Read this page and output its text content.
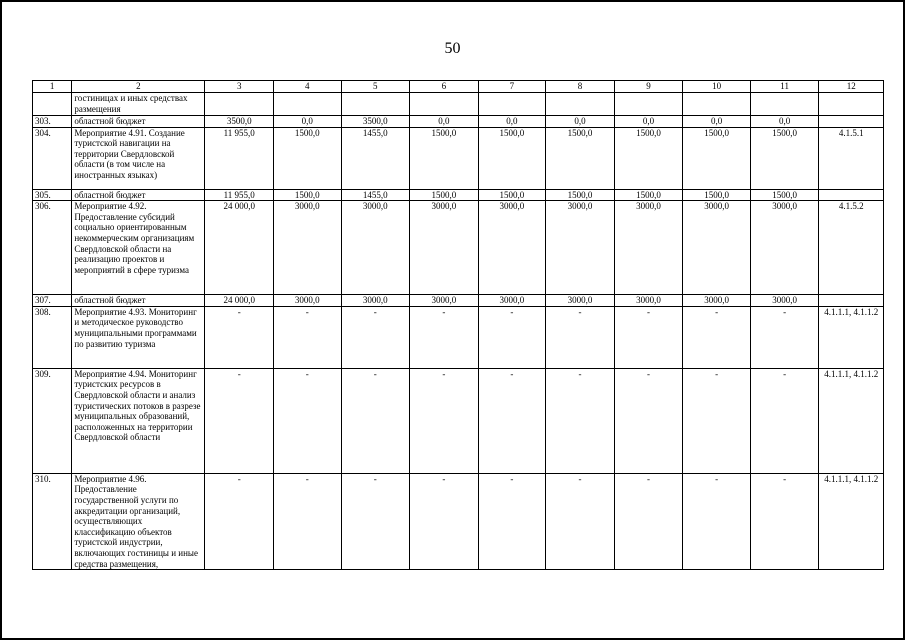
50
1	2	3	4	5	6	7	8	9	10	11	12
	гостиницах и иных средствах размещения										
303.	областной бюджет	3500,0	0,0	3500,0	0,0	0,0	0,0	0,0	0,0	0,0	
304.	Мероприятие 4.91. Создание туристской навигации на территории Свердловской области (в том числе на иностранных языках)	11 955,0	1500,0	1455,0	1500,0	1500,0	1500,0	1500,0	1500,0	1500,0	4.1.5.1
305.	областной бюджет	11 955,0	1500,0	1455,0	1500,0	1500,0	1500,0	1500,0	1500,0	1500,0	
306.	Мероприятие 4.92. Предоставление субсидий социально ориентированным некоммерческим организациям Свердловской области на реализацию проектов и мероприятий в сфере туризма	24 000,0	3000,0	3000,0	3000,0	3000,0	3000,0	3000,0	3000,0	3000,0	4.1.5.2
307.	областной бюджет	24 000,0	3000,0	3000,0	3000,0	3000,0	3000,0	3000,0	3000,0	3000,0	
308.	Мероприятие 4.93. Мониторинг и методическое руководство муниципальными программами по развитию туризма	-	-	-	-	-	-	-	-	-	4.1.1.1, 4.1.1.2
309.	Мероприятие 4.94. Мониторинг туристских ресурсов в Свердловской области и анализ туристических потоков в разрезе муниципальных образований, расположенных на территории Свердловской области	-	-	-	-	-	-	-	-	-	4.1.1.1, 4.1.1.2
310.	Мероприятие 4.96. Предоставление государственной услуги по аккредитации организаций, осуществляющих классификацию объектов туристской индустрии, включающих гостиницы и иные средства размещения,	-	-	-	-	-	-	-	-	-	4.1.1.1, 4.1.1.2
